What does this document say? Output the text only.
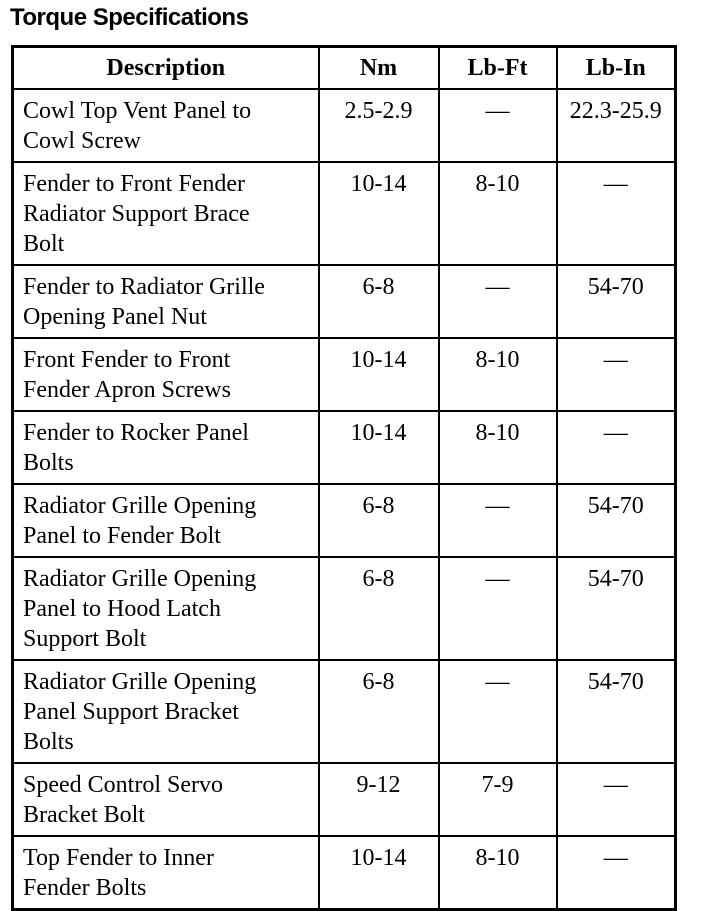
Torque Specifications
Description	Nm	Lb-Ft	Lb-In
Cowl Top Vent Panel to
Cowl Screw	2.5-2.9	—	22.3-25.9
Fender to Front Fender
Radiator Support Brace
Bolt	10-14	8-10	—
Fender to Radiator Grille
Opening Panel Nut	6-8	—	54-70
Front Fender to Front
Fender Apron Screws	10-14	8-10	—
Fender to Rocker Panel
Bolts	10-14	8-10	—
Radiator Grille Opening
Panel to Fender Bolt	6-8	—	54-70
Radiator Grille Opening
Panel to Hood Latch
Support Bolt	6-8	—	54-70
Radiator Grille Opening
Panel Support Bracket
Bolts	6-8	—	54-70
Speed Control Servo
Bracket Bolt	9-12	7-9	—
Top Fender to Inner
Fender Bolts	10-14	8-10	—
